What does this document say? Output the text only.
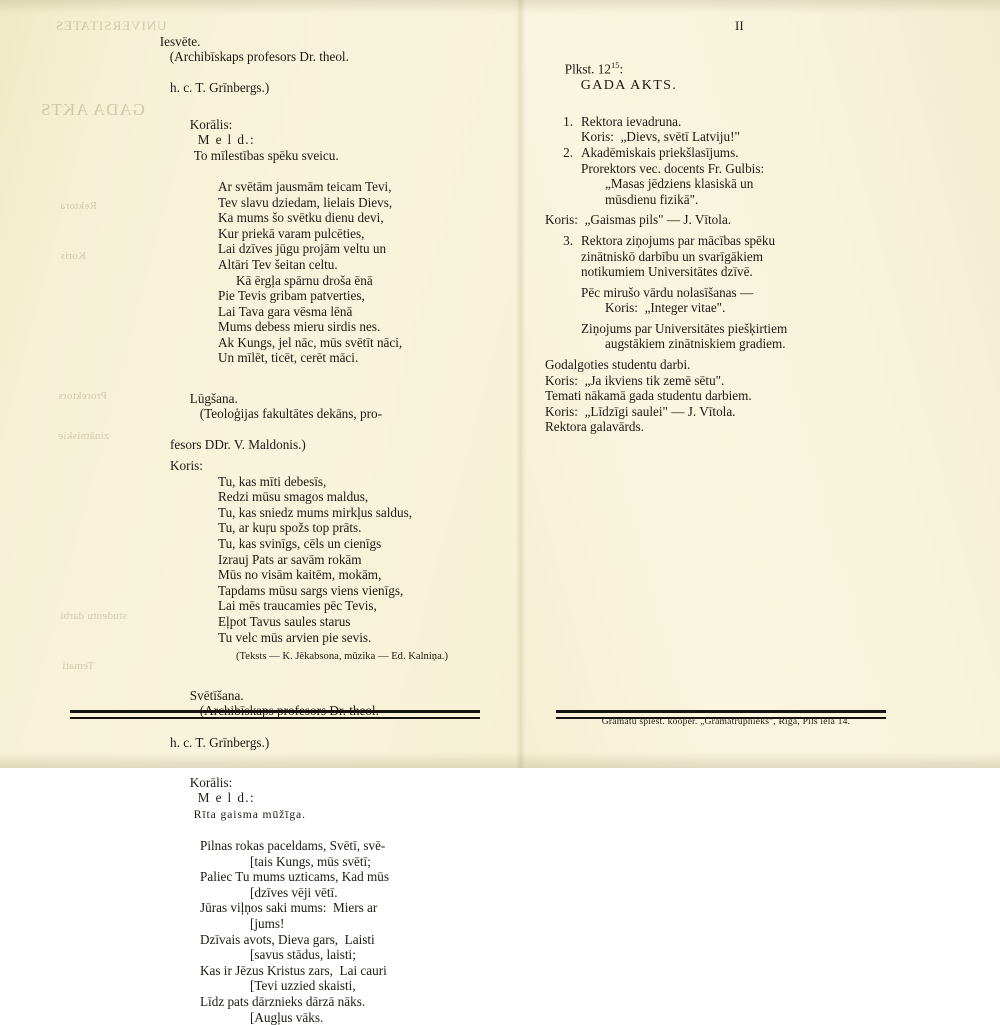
UNIVERSITATES
GADA AKTS
Rektora
Koris
Prorektors
zinātniskie
studentu darbi
Temati

Iesvēte.
(Archibīskaps profesors Dr. theol.

h. c. T. Grīnbergs.)

Korālis:
M e l d.:
To mīlestības spēku sveicu.

Ar svētām jausmām teicam Tevi,
Tev slavu dziedam, lielais Dievs,
Ka mums šo svētku dienu devi,
Kur priekā varam pulcēties,
Lai dzīves jūgu projām veltu un
Altāri Tev šeitan celtu.
Kā ērgļa spārnu droša ēnā
Pie Tevis gribam patverties,
Lai Tava gara vēsma lēnā
Mums debess mieru sirdis nes.
Ak Kungs, jel nāc, mūs svētīt nāci,
Un mīlēt, ticēt, cerēt māci.

Lūgšana.
(Teoloģijas fakultātes dekāns, pro-

fesors DDr. V. Maldonis.)
Koris:
Tu, kas mīti debesīs,
Redzi mūsu smagos maldus,
Tu, kas sniedz mums mirkļus saldus,
Tu, ar kuŗu spožs top prāts.
Tu, kas svinīgs, cēls un cienīgs
Izrauj Pats ar savām rokām
Mūs no visām kaitēm, mokām,
Tapdams mūsu sargs viens vienīgs,
Lai mēs traucamies pēc Tevis,
Eļpot Tavus saules starus
Tu velc mūs arvien pie sevis.
(Teksts — K. Jēkabsona, mūzika — Ed. Kalniņa.)

Svētīšana.
(Archibīskaps profesors Dr. theol.

h. c. T. Grīnbergs.)

Korālis:
M e l d.:
Rīta gaisma mūžīga.

Pilnas rokas paceldams, Svētī, svē-
[tais Kungs, mūs svētī;
Paliec Tu mums uzticams, Kad mūs
[dzīves vēji vētī.
Jūras viļņos saki mums:  Miers ar
[jums!
Dzīvais avots, Dieva gars,  Laisti
[savus stādus, laisti;
Kas ir Jēzus Kristus zars,  Lai cauri
[Tevi uzzied skaisti,
Līdz pats dārznieks dārzā nāks.
[Augļus vāks.
II

Plkst. $12^{15}$:
GADA AKTS.

1. Rektora ievadruna.
Koris:  „Dievs, svētī Latviju!"
2. Akadēmiskais priekšlasījums.
Prorektors vec. docents Fr. Gulbis:
„Masas jēdziens klasiskā un
mūsdienu fizikā".
Koris:  „Gaismas pils" — J. Vītola.
3. Rektora ziņojums par mācības spēku
zinātniskō darbību un svarīgākiem
notikumiem Universitātes dzīvē.
Pēc mirušo vārdu nolasīšanas —
Koris:  „Integer vitae".
Ziņojums par Universitātes piešķirtiem
augstākiem zinātniskiem gradiem.
Godalgoties studentu darbi.
Koris:  „Ja ikviens tik zemē sētu".
Temati nākamā gada studentu darbiem.
Koris:  „Līdzīgi saulei" — J. Vītola.
Rektora galavārds.
Grāmatu spiest. kooper. „Grāmatrūpnieks", Rīgā, Pils ielā 14.
